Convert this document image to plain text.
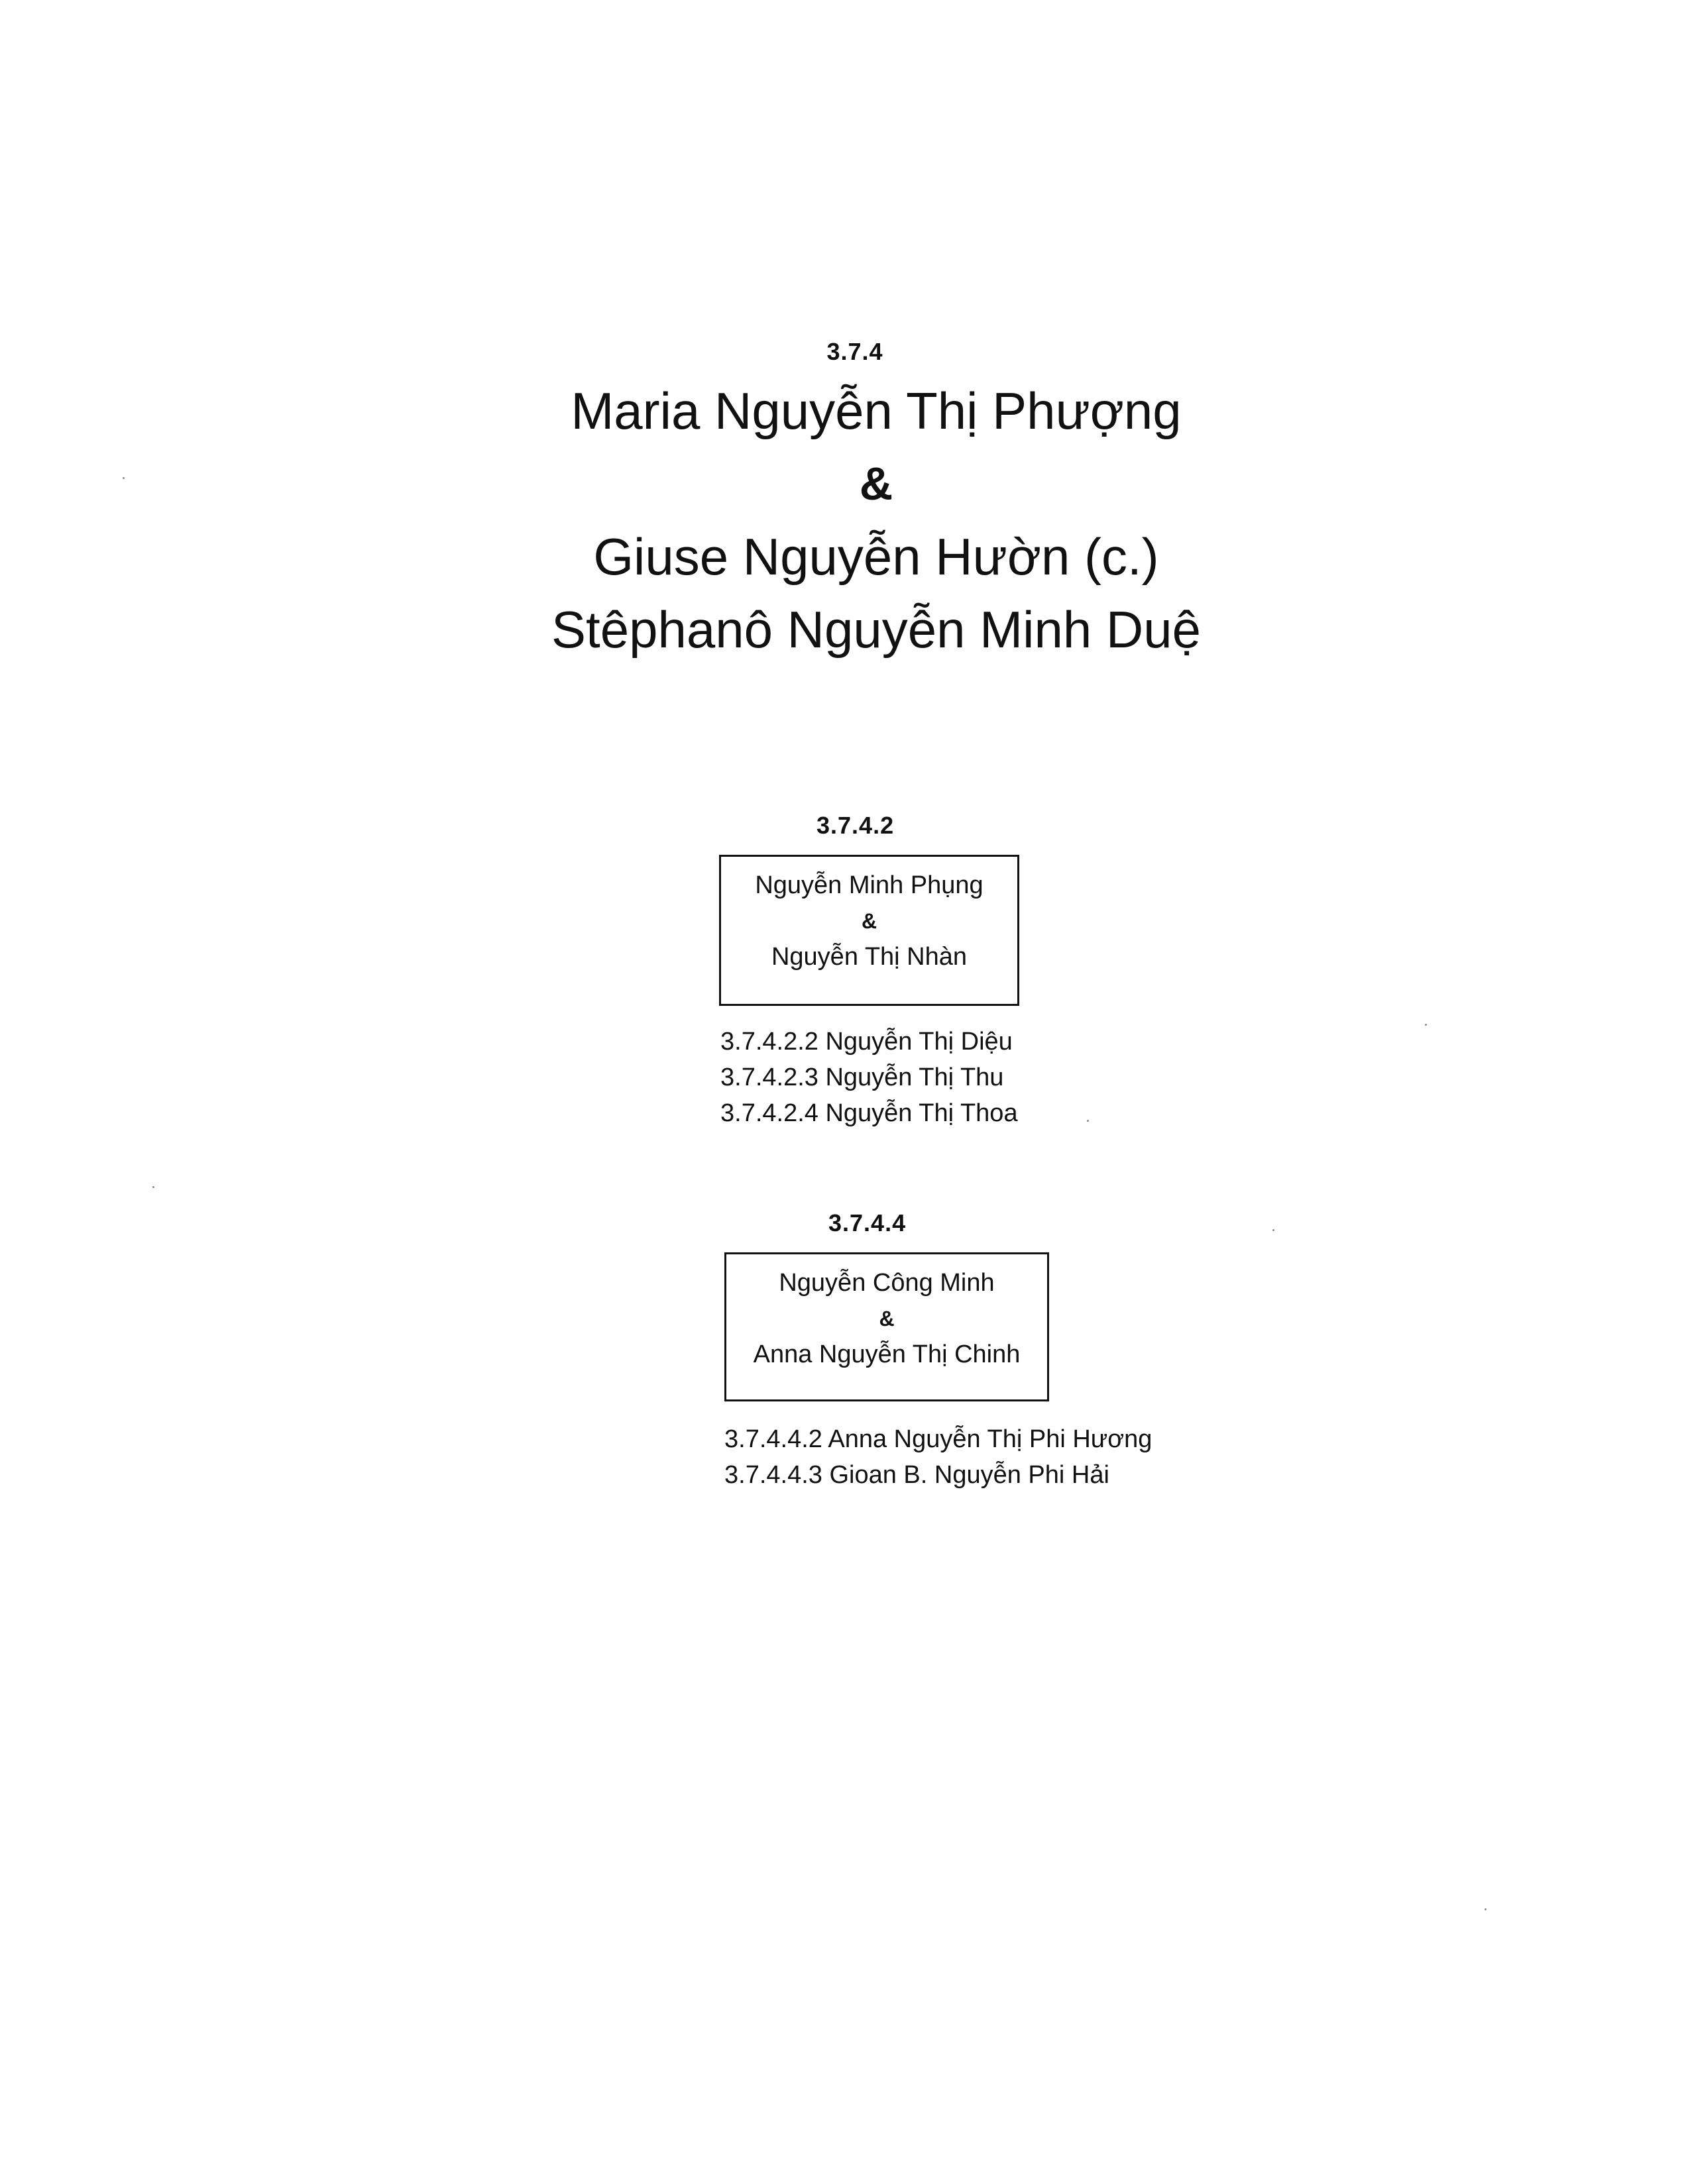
3.7.4
Maria Nguyễn Thị Phượng
&
Giuse Nguyễn Hườn (c.)
Stêphanô Nguyễn Minh Duệ
3.7.4.2
Nguyễn Minh Phụng
&
Nguyễn Thị Nhàn
3.7.4.2.2 Nguyễn Thị Diệu
3.7.4.2.3 Nguyễn Thị Thu
3.7.4.2.4 Nguyễn Thị Thoa
3.7.4.4
Nguyễn Công Minh
&
Anna Nguyễn Thị Chinh
3.7.4.4.2 Anna Nguyễn Thị Phi Hương
3.7.4.4.3 Gioan B. Nguyễn Phi Hải
